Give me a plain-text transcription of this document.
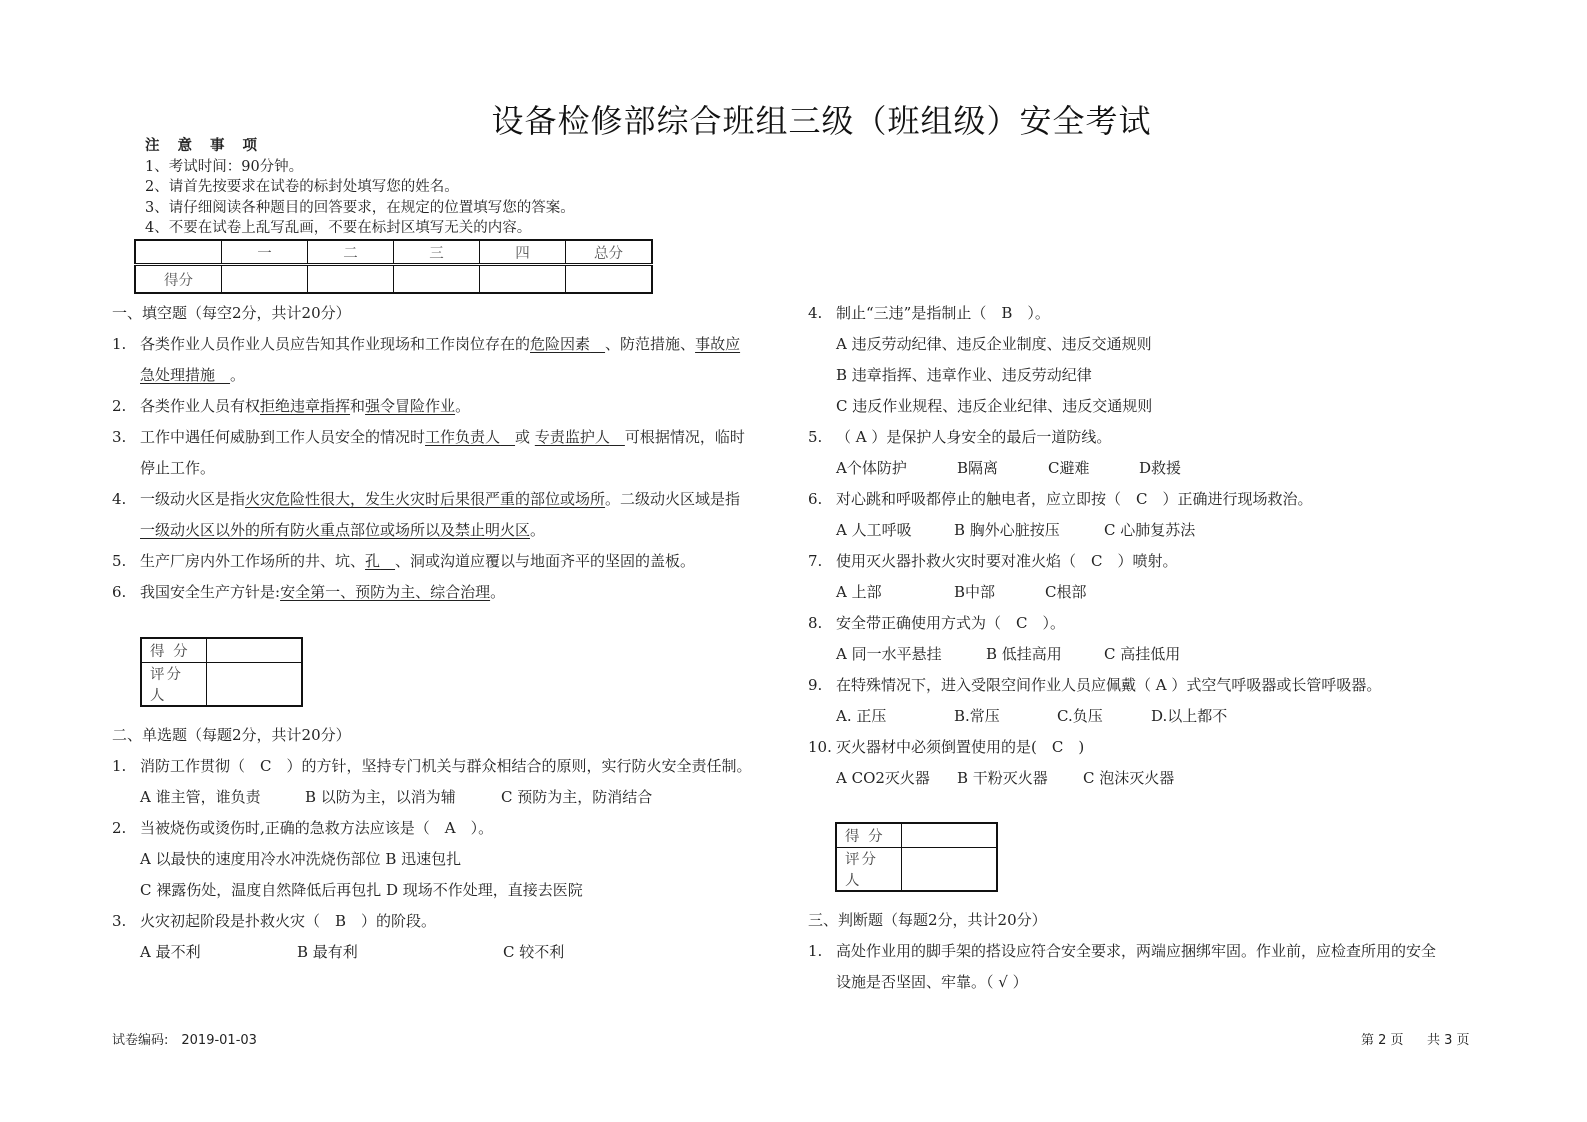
设备检修部综合班组三级（班组级）安全考试
注意事项
1、考试时间：90分钟。
2、请首先按要求在试卷的标封处填写您的姓名。
3、请仔细阅读各种题目的回答要求，在规定的位置填写您的答案。
4、不要在试卷上乱写乱画，不要在标封区填写无关的内容。
	一	二	三	四	总分
得分					
一、填空题（每空2分，共计20分）
1. 各类作业人员作业人员应告知其作业现场和工作岗位存在的危险因素　 、防范措施、事故应
急处理措施　 。
2. 各类作业人员有权拒绝违章指挥和强令冒险作业。
3. 工作中遇任何威胁到工作人员安全的情况时工作负责人　 或 专责监护人　 可根据情况，临时
停止工作。
4. 一级动火区是指火灾危险性很大，发生火灾时后果很严重的部位或场所。二级动火区域是指
一级动火区以外的所有防火重点部位或场所以及禁止明火区。
5. 生产厂房内外工作场所的井、坑、孔　 、洞或沟道应覆以与地面齐平的坚固的盖板。
6. 我国安全生产方针是:安全第一、预防为主、综合治理。
得 分	
评分人	
二、单选题（每题2分，共计20分）
1. 消防工作贯彻（　C　）的方针，坚持专门机关与群众相结合的原则，实行防火安全责任制。
A 谁主管，谁负责	B 以防为主，以消为辅	C 预防为主，防消结合
2. 当被烧伤或烫伤时,正确的急救方法应该是（　A　）。
A 以最快的速度用冷水冲洗烧伤部位 B 迅速包扎
C 裸露伤处，温度自然降低后再包扎 D 现场不作处理，直接去医院
3. 火灾初起阶段是扑救火灾（　B　）的阶段。
A 最不利	B 最有利	C 较不利
4. 制止“三违”是指制止（　B　）。
A 违反劳动纪律、违反企业制度、违反交通规则
B 违章指挥、违章作业、违反劳动纪律
C 违反作业规程、违反企业纪律、违反交通规则
5. （ A ）是保护人身安全的最后一道防线。
A个体防护	B隔离	C避难	D救援
6. 对心跳和呼吸都停止的触电者，应立即按（　C　）正确进行现场救治。
A 人工呼吸	B 胸外心脏按压	C 心肺复苏法
7. 使用灭火器扑救火灾时要对准火焰（　C　）喷射。
A 上部	B中部	C根部
8. 安全带正确使用方式为（　C　）。
A 同一水平悬挂	B 低挂高用	C 高挂低用
9. 在特殊情况下，进入受限空间作业人员应佩戴（ A ）式空气呼吸器或长管呼吸器。
A. 正压	B.常压	C.负压	D.以上都不
10. 灭火器材中必须倒置使用的是(　C　)
A CO2灭火器 B 干粉灭火器 C 泡沫灭火器
得 分	
评分人	
三、判断题（每题2分，共计20分）
1. 高处作业用的脚手架的搭设应符合安全要求，两端应捆绑牢固。作业前，应检查所用的安全
设施是否坚固、牢靠。（ √ ）
试卷编码:　2019-01-03	第 2 页 共 3 页
